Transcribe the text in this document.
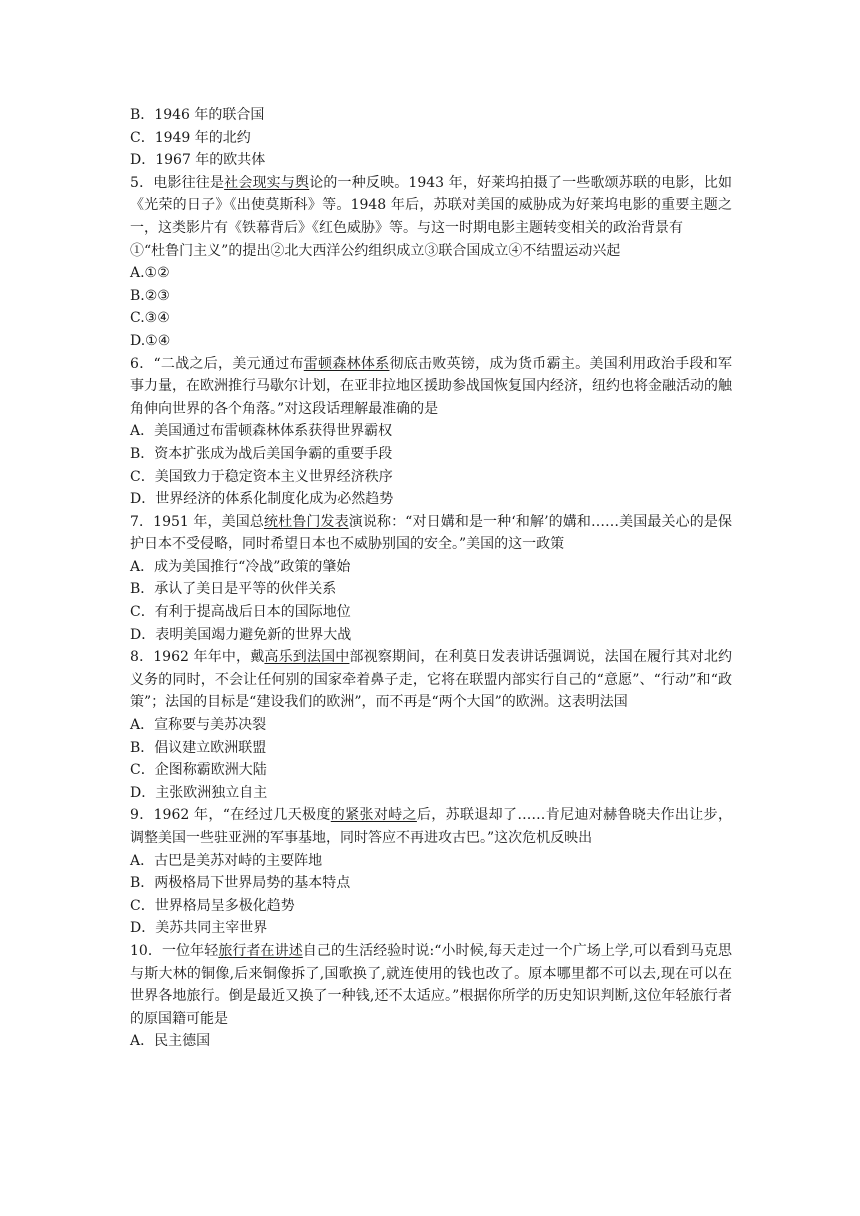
B．1946 年的联合国
C．1949 年的北约
D．1967 年的欧共体
5．电影往往是社会现实与舆论的一种反映。1943 年，好莱坞拍摄了一些歌颂苏联的电影，比如《光荣的日子》《出使莫斯科》等。1948 年后，苏联对美国的威胁成为好莱坞电影的重要主题之一，这类影片有《铁幕背后》《红色威胁》等。与这一时期电影主题转变相关的政治背景有
①“杜鲁门主义”的提出②北大西洋公约组织成立③联合国成立④不结盟运动兴起
A.①②
B.②③
C.③④
D.①④
6．“二战之后，美元通过布雷顿森林体系彻底击败英镑，成为货币霸主。美国利用政治手段和军事力量，在欧洲推行马歇尔计划，在亚非拉地区援助参战国恢复国内经济，纽约也将金融活动的触角伸向世界的各个角落。”对这段话理解最准确的是
A．美国通过布雷顿森林体系获得世界霸权
B．资本扩张成为战后美国争霸的重要手段
C．美国致力于稳定资本主义世界经济秩序
D．世界经济的体系化制度化成为必然趋势
7．1951 年，美国总统杜鲁门发表演说称：“对日媾和是一种‘和解’的媾和……美国最关心的是保护日本不受侵略，同时希望日本也不威胁别国的安全。”美国的这一政策
A．成为美国推行“冷战”政策的肇始
B．承认了美日是平等的伙伴关系
C．有利于提高战后日本的国际地位
D．表明美国竭力避免新的世界大战
8．1962 年年中，戴高乐到法国中部视察期间，在利莫日发表讲话强调说，法国在履行其对北约义务的同时，不会让任何别的国家牵着鼻子走，它将在联盟内部实行自己的“意愿”、“行动”和“政策”；法国的目标是“建设我们的欧洲”，而不再是“两个大国”的欧洲。这表明法国
A．宣称要与美苏决裂
B．倡议建立欧洲联盟
C．企图称霸欧洲大陆
D．主张欧洲独立自主
9．1962 年，“在经过几天极度的紧张对峙之后，苏联退却了……肯尼迪对赫鲁晓夫作出让步，调整美国一些驻亚洲的军事基地，同时答应不再进攻古巴。”这次危机反映出
A．古巴是美苏对峙的主要阵地
B．两极格局下世界局势的基本特点
C．世界格局呈多极化趋势
D．美苏共同主宰世界
10．一位年轻旅行者在讲述自己的生活经验时说:“小时候,每天走过一个广场上学,可以看到马克思与斯大林的铜像,后来铜像拆了,国歌换了,就连使用的钱也改了。原本哪里都不可以去,现在可以在世界各地旅行。倒是最近又换了一种钱,还不太适应。”根据你所学的历史知识判断,这位年轻旅行者的原国籍可能是
A．民主德国
